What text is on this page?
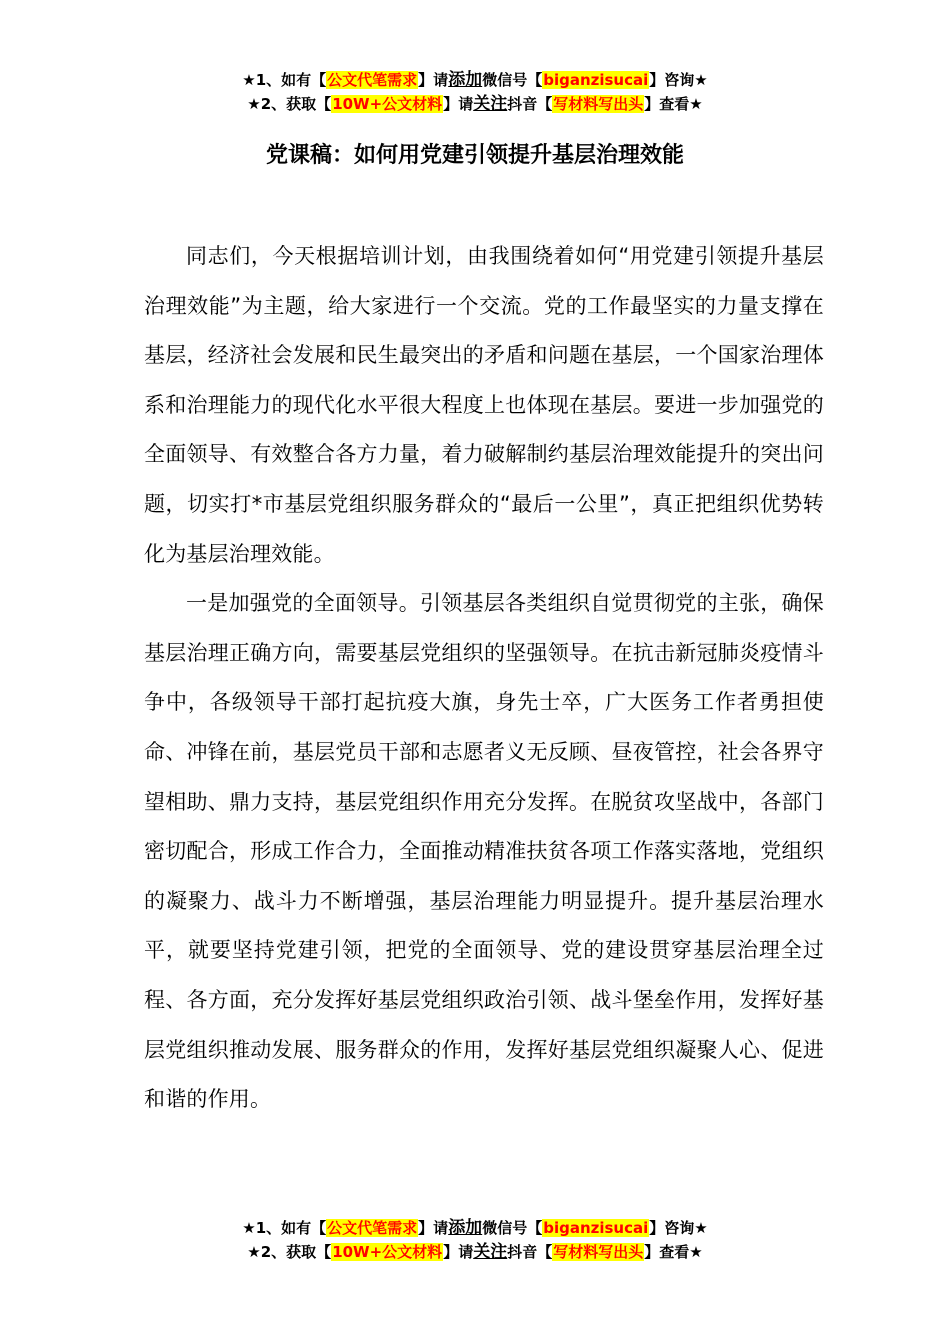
★1、如有【公文代笔需求】请添加微信号【biganzisucai】咨询★
★2、获取【10W+公文材料】请关注抖音【写材料写出头】查看★
党课稿：如何用党建引领提升基层治理效能

同志们，今天根据培训计划，由我围绕着如何“用党建引领提升基层治理效能”为主题，给大家进行一个交流。党的工作最坚实的力量支撑在基层，经济社会发展和民生最突出的矛盾和问题在基层，一个国家治理体系和治理能力的现代化水平很大程度上也体现在基层。要进一步加强党的全面领导、有效整合各方力量，着力破解制约基层治理效能提升的突出问题，切实打*市基层党组织服务群众的“最后一公里”，真正把组织优势转化为基层治理效能。

一是加强党的全面领导。引领基层各类组织自觉贯彻党的主张，确保基层治理正确方向，需要基层党组织的坚强领导。在抗击新冠肺炎疫情斗争中，各级领导干部打起抗疫大旗，身先士卒，广大医务工作者勇担使命、冲锋在前，基层党员干部和志愿者义无反顾、昼夜管控，社会各界守望相助、鼎力支持，基层党组织作用充分发挥。在脱贫攻坚战中，各部门密切配合，形成工作合力，全面推动精准扶贫各项工作落实落地，党组织的凝聚力、战斗力不断增强，基层治理能力明显提升。提升基层治理水平，就要坚持党建引领，把党的全面领导、党的建设贯穿基层治理全过程、各方面，充分发挥好基层党组织政治引领、战斗堡垒作用，发挥好基层党组织推动发展、服务群众的作用，发挥好基层党组织凝聚人心、促进和谐的作用。

★1、如有【公文代笔需求】请添加微信号【biganzisucai】咨询★
★2、获取【10W+公文材料】请关注抖音【写材料写出头】查看★
